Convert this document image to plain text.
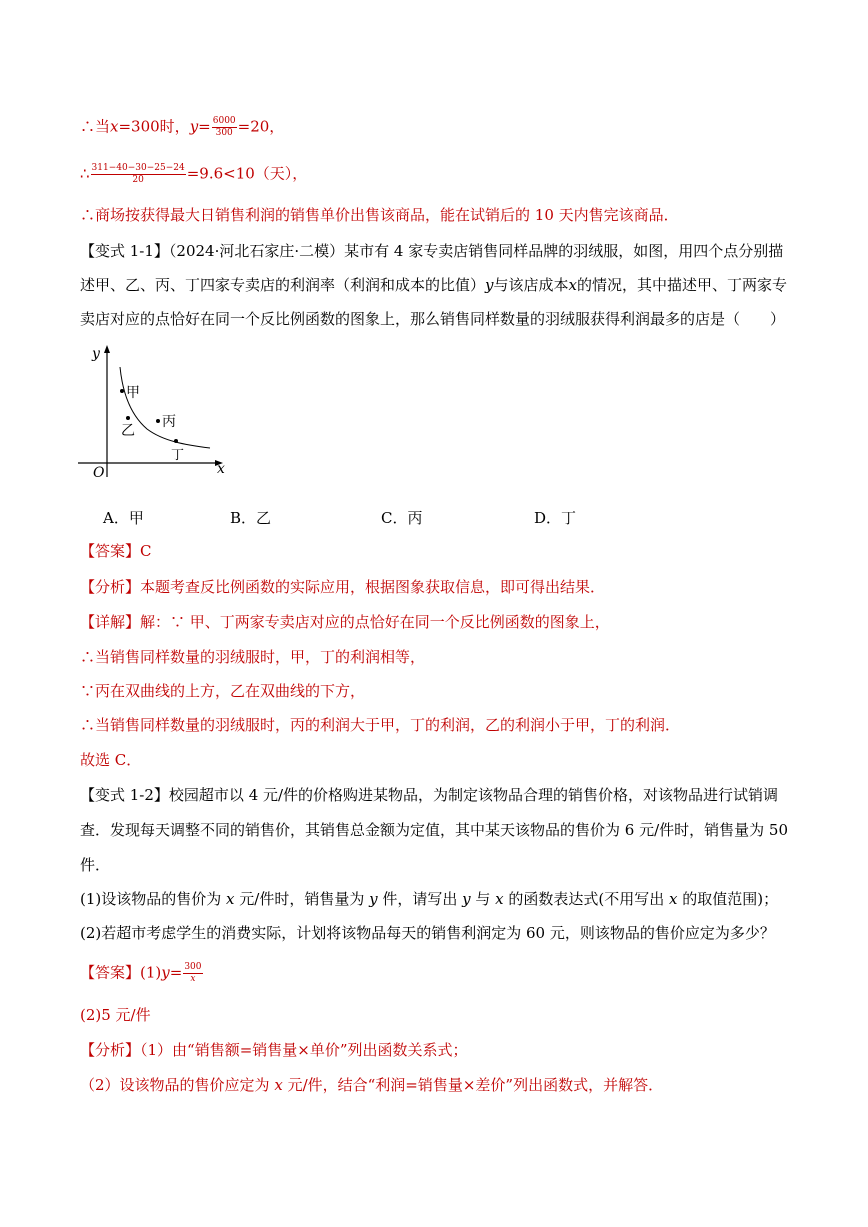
∴当x=300时，$y= \frac{6000}{300} =20$，
∴ $\frac{311-40-30-25-24}{20} =9.6<10$（天），
∴商场按获得最大日销售利润的销售单价出售该商品，能在试销后的 10 天内售完该商品．
【变式 1-1】（2024·河北石家庄·二模）某市有 4 家专卖店销售同样品牌的羽绒服，如图，用四个点分别描
述甲、乙、丙、丁四家专卖店的利润率（利润和成本的比值）y与该店成本x的情况，其中描述甲、丁两家专
卖店对应的点恰好在同一个反比例函数的图象上，那么销售同样数量的羽绒服获得利润最多的店是（　　）
y
x
O
甲
乙
丙
丁
A．甲	B．乙	C．丙	D．丁
【答案】C
【分析】本题考查反比例函数的实际应用，根据图象获取信息，即可得出结果．
【详解】解：∵ 甲、丁两家专卖店对应的点恰好在同一个反比例函数的图象上，
∴当销售同样数量的羽绒服时，甲，丁的利润相等，
∵丙在双曲线的上方，乙在双曲线的下方，
∴当销售同样数量的羽绒服时，丙的利润大于甲，丁的利润，乙的利润小于甲，丁的利润．
故选 C．
【变式 1-2】校园超市以 4 元/件的价格购进某物品，为制定该物品合理的销售价格，对该物品进行试销调
查．发现每天调整不同的销售价，其销售总金额为定值，其中某天该物品的售价为 6 元/件时，销售量为 50
件．
(1)设该物品的售价为 x 元/件时，销售量为 y 件，请写出 y 与 x 的函数表达式(不用写出 x 的取值范围)；
(2)若超市考虑学生的消费实际，计划将该物品每天的销售利润定为 60 元，则该物品的售价应定为多少？
【答案】$(1)y= \frac{300}{x}$
(2)5 元/件
【分析】（1）由“销售额=销售量×单价”列出函数关系式；
（2）设该物品的售价应定为 x 元/件，结合“利润=销售量×差价”列出函数式，并解答．
